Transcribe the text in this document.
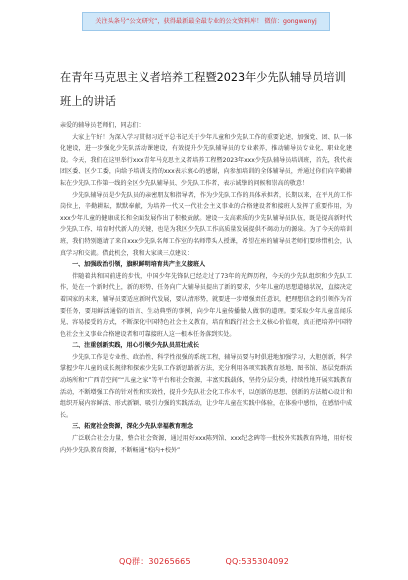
关注头条号“公文研究”，获得最新最全最专业的公文资料库！ 微信：gongwenyj
在青年马克思主义者培养工程暨2023年少先队辅导员培训班上的讲话

亲爱的辅导员老师们，同志们：

大家上午好！为深入学习贯彻习近平总书记关于少年儿童和少先队工作的重要论述，加强党、团、队一体化建设，进一步强化少先队活动课建设，有效提升少先队辅导员的专业素养，推动辅导员专业化、职业化建设。今天，我们在这里举行xxx青年马克思主义者培养工程暨2023年xxx少先队辅导员培训班，首先，我代表团区委、区少工委，向给予培训支持的xxx表示衷心的感谢，向参加培训的全体辅导员，并通过你们向辛勤耕耘在少先队工作第一线的全区少先队辅导员、少先队工作者，表示诚挚的问候和崇高的敬意！

少先队辅导员是少先队员的亲密朋友和指导者，作为少先队工作的具体承担者，长期以来，在平凡的工作岗位上，辛勤耕耘，默默奉献，为培养一代又一代社会主义事业的合格建设者和接班人发挥了重要作用，为xxx少年儿童的健康成长和全面发展作出了积极贡献。建设一支高素质的少先队辅导员队伍，既是提高新时代少先队工作、培育时代新人的关键，也是为我区少先队工作高质量发展提供不竭动力的源泉。为了今天的培训班，我们特别邀请了来自xxx少先队名师工作室的名师带头人授课，希望在座的辅导员老师们要珍惜机会，认真学习和交流。借此机会，我和大家谈三点建议：

一、加强政治引领，旗帜鲜明培育共产主义接班人

伴随着共和国前进的步伐，中国少年先锋队已经走过了73年的光辉历程，今天的少先队组织和少先队工作，处在一个新时代上，新的形势、任务向广大辅导员提出了新的要求，少年儿童的思想道德状况，直接决定着国家的未来，辅导员要适应新时代发展，要认清形势，就要进一步增强责任意识，把理想信念的引领作为首要任务，要用鲜活通俗的语言、生动典型的事例，向少年儿童传播做人做事的道理。要采取少年儿童喜闻乐见、容易接受的方式，不断深化中国特色社会主义教育，培育和践行社会主义核心价值观，真正把培养中国特色社会主义事业合格建设者和可靠接班人这一根本任务落到实处。

二、注重创新实践，用心引领少先队员茁壮成长

少先队工作是专业性、政治性、科学性很强的系统工程，辅导员要与时俱进地加强学习，大胆创新，科学掌握少年儿童的成长规律和探索少先队工作新思路新方法，充分利用各项实践教育基地、图书馆、基层党群活动场所和“广西青空间”“儿童之家”等平台和社会资源，丰富实践载体，坚持分层分类，持续性地开展实践教育活动，不断增强工作的针对性和实效性，提升少先队社会化工作水平，以创新的思想、创新的方法精心设计和组织开展内容鲜活、形式新颖、吸引力强的实践活动，让少年儿童在实践中体验，在体验中感悟，在感悟中成长。

三、拓宽社会资源，深化少先队幸福教育理念

广泛联合社会力量，整合社会资源，通过用好xxx陈列馆、xxx纪念碑等一批校外实践教育阵地，用好校内外少先队教育资源，不断畅通“校内+校外”

QQ群：30265665	QQ:535304092
